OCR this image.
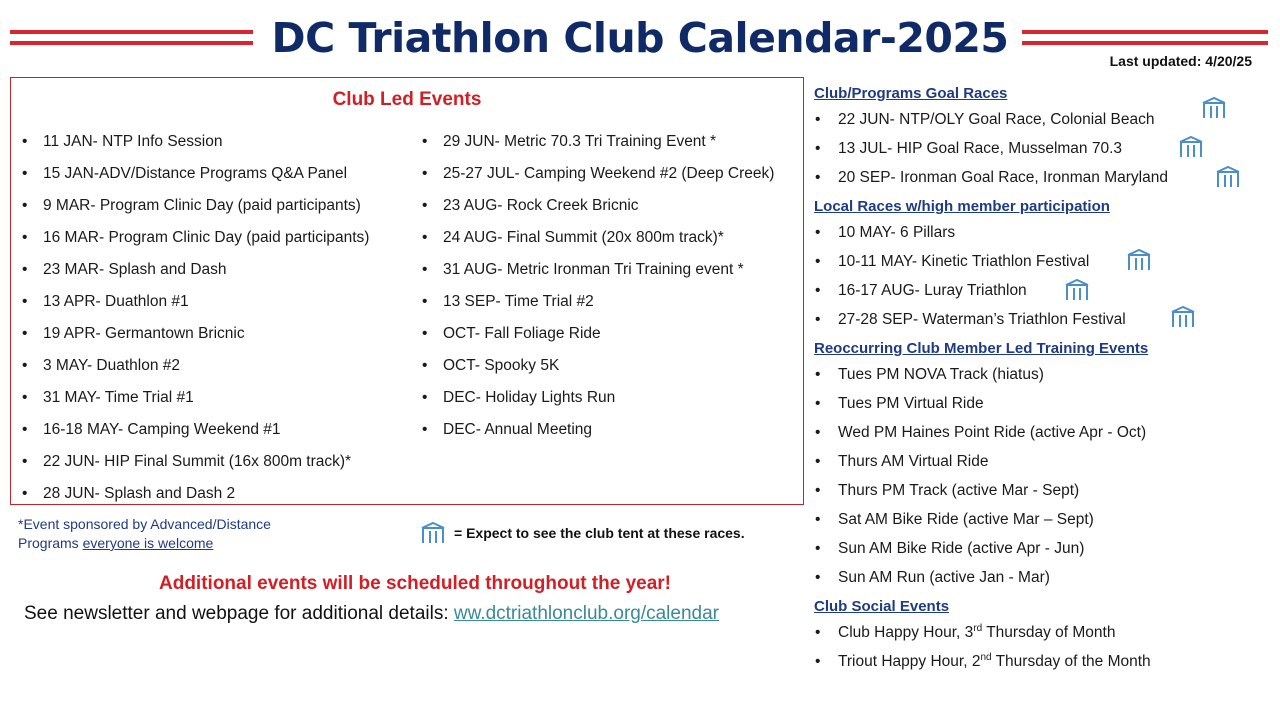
DC Triathlon Club Calendar-2025	Last updated: 4/20/25
Club Led Events
• 11 JAN- NTP Info Session
• 15 JAN-ADV/Distance Programs Q&A Panel
• 9 MAR- Program Clinic Day (paid participants)
• 16 MAR- Program Clinic Day (paid participants)
• 23 MAR- Splash and Dash
• 13 APR- Duathlon #1
• 19 APR- Germantown Bricnic
• 3 MAY- Duathlon #2
• 31 MAY- Time Trial #1
• 16-18 MAY- Camping Weekend #1
• 22 JUN- HIP Final Summit (16x 800m track)*
• 28 JUN- Splash and Dash 2
• 29 JUN- Metric 70.3 Tri Training Event *
• 25-27 JUL- Camping Weekend #2 (Deep Creek)
• 23 AUG- Rock Creek Bricnic
• 24 AUG- Final Summit (20x 800m track)*
• 31 AUG- Metric Ironman Tri Training event *
• 13 SEP- Time Trial #2
• OCT- Fall Foliage Ride
• OCT- Spooky 5K
• DEC- Holiday Lights Run
• DEC- Annual Meeting
*Event sponsored by Advanced/Distance
Programs everyone is welcome
= Expect to see the club tent at these races.
Additional events will be scheduled throughout the year!
See newsletter and webpage for additional details: ww.dctriathlonclub.org/calendar
Club/Programs Goal Races
• 22 JUN- NTP/OLY Goal Race, Colonial Beach
• 13 JUL- HIP Goal Race, Musselman 70.3
• 20 SEP- Ironman Goal Race, Ironman Maryland
Local Races w/high member participation
• 10 MAY- 6 Pillars
• 10-11 MAY- Kinetic Triathlon Festival
• 16-17 AUG- Luray Triathlon
• 27-28 SEP- Waterman’s Triathlon Festival
Reoccurring Club Member Led Training Events
• Tues PM NOVA Track (hiatus)
• Tues PM Virtual Ride
• Wed PM Haines Point Ride (active Apr - Oct)
• Thurs AM Virtual Ride
• Thurs PM Track (active Mar - Sept)
• Sat AM Bike Ride (active Mar – Sept)
• Sun AM Bike Ride (active Apr - Jun)
• Sun AM Run (active Jan - Mar)
Club Social Events
• Club Happy Hour, 3rd Thursday of Month
• Triout Happy Hour, 2nd Thursday of the Month
